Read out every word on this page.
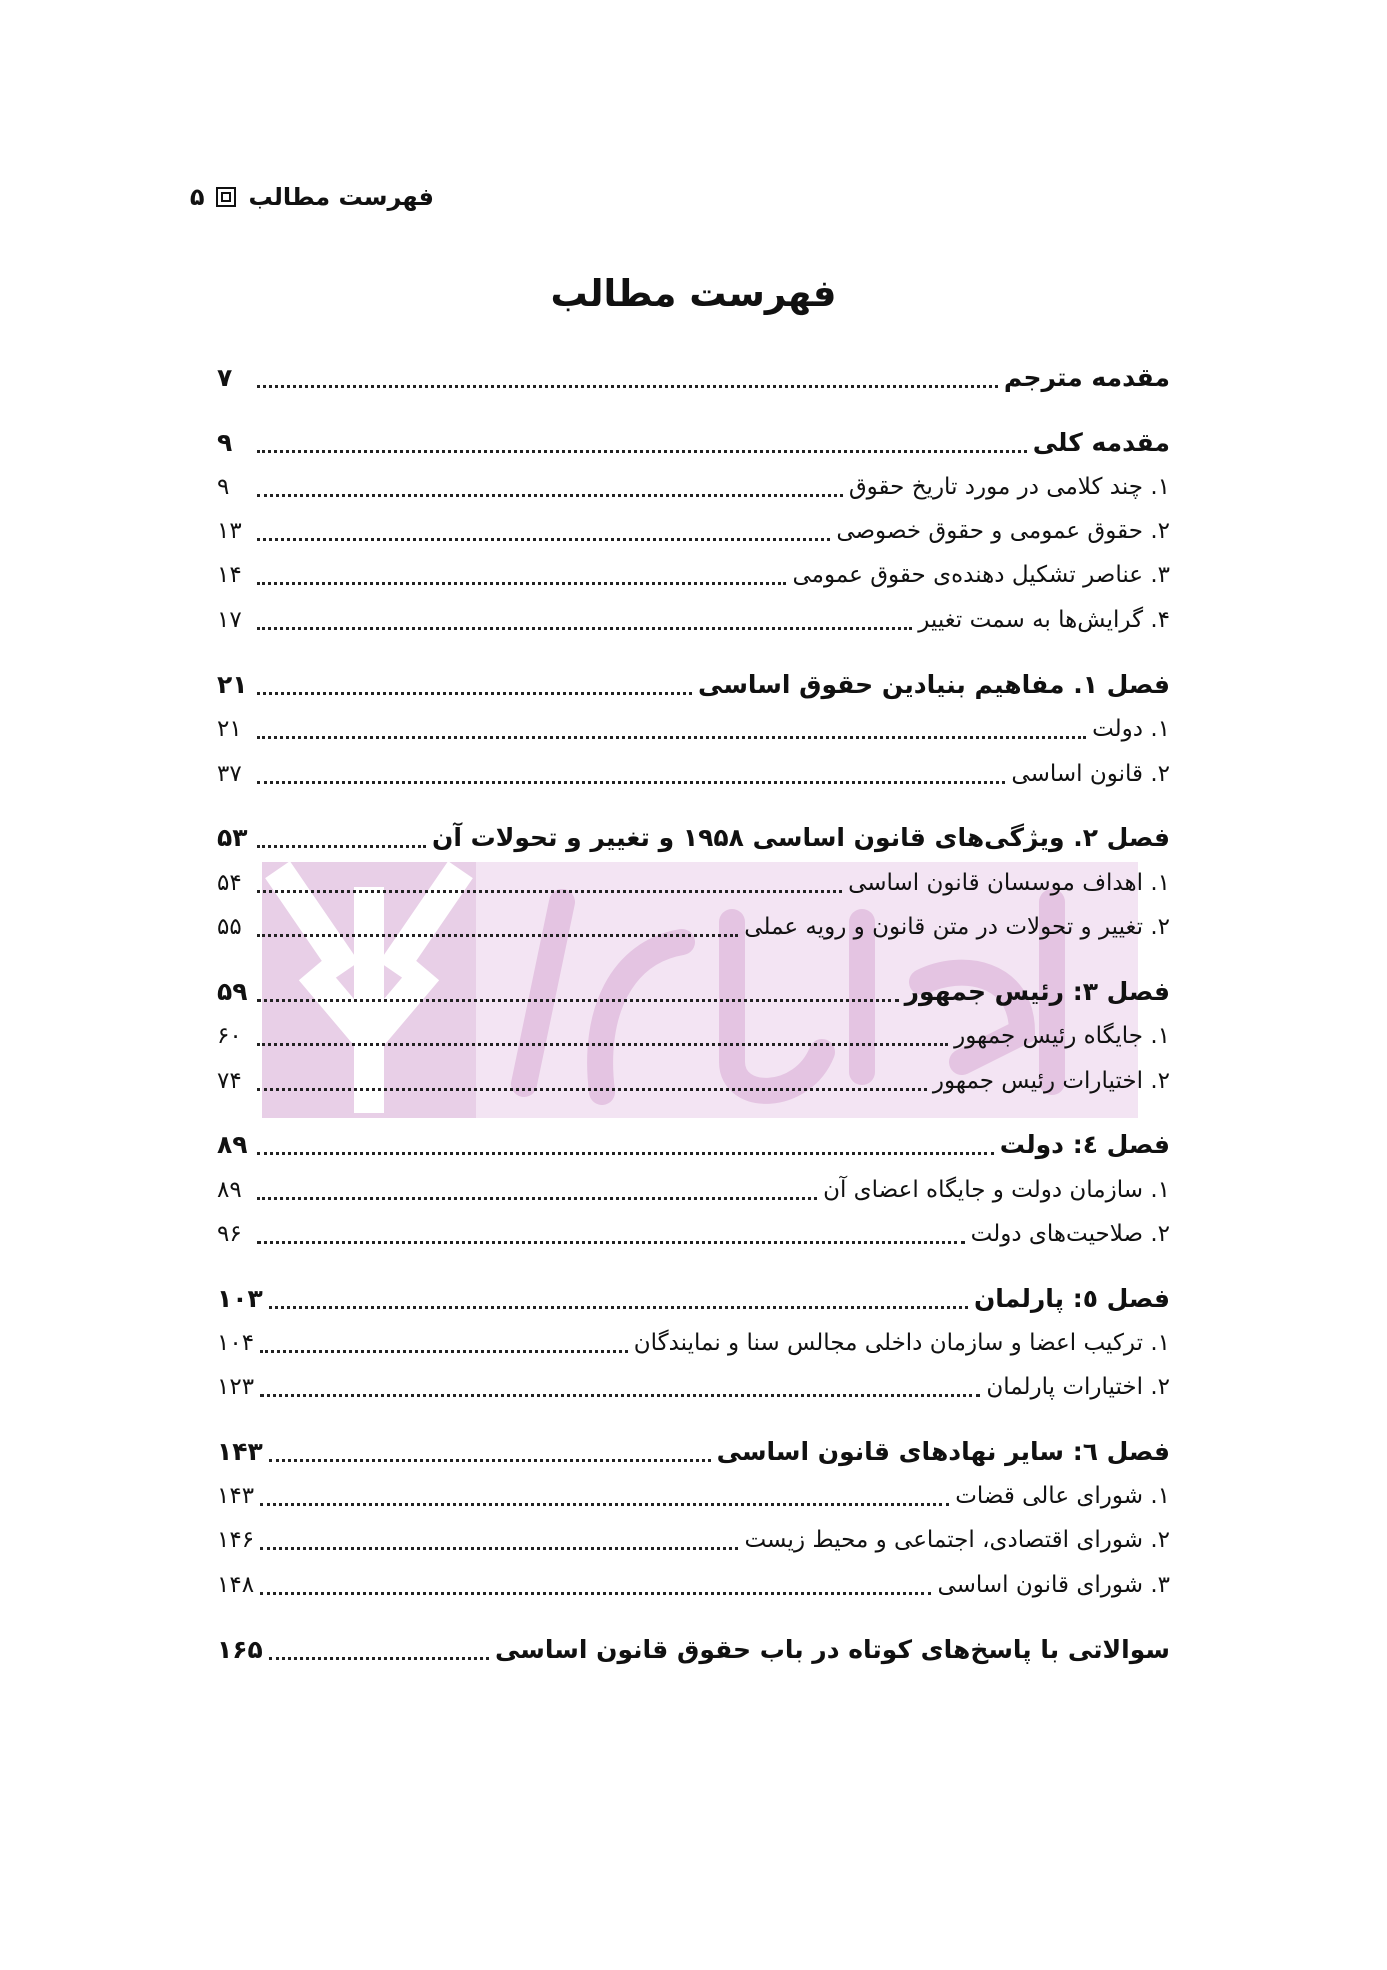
فهرست مطالب
۵
فهرست مطالب
مقدمه مترجم
۷
مقدمه کلی
۹
۱. چند کلامی در مورد تاریخ حقوق
۹
۲. حقوق عمومی و حقوق خصوصی
۱۳
۳. عناصر تشکیل دهنده‌ی حقوق عمومی
۱۴
۴. گرایش‌ها به سمت تغییر
۱۷
فصل ۱. مفاهیم بنیادین حقوق اساسی
۲۱
۱. دولت
۲۱
۲. قانون اساسی
۳۷
فصل ۲. ویژگی‌های قانون اساسی ۱۹۵۸ و تغییر و تحولات آن
۵۳
۱. اهداف موسسان قانون اساسی
۵۴
۲. تغییر و تحولات در متن قانون و رویه عملی
۵۵
فصل ۳: رئیس جمهور
۵۹
۱. جایگاه رئیس جمهور
۶۰
۲. اختیارات رئیس جمهور
۷۴
فصل ٤: دولت
۸۹
۱. سازمان دولت و جایگاه اعضای آن
۸۹
۲. صلاحیت‌های دولت
۹۶
فصل ٥: پارلمان
۱۰۳
۱. ترکیب اعضا و سازمان داخلی مجالس سنا و نمایندگان
۱۰۴
۲. اختیارات پارلمان
۱۲۳
فصل ٦: سایر نهادهای قانون اساسی
۱۴۳
۱. شورای عالی قضات
۱۴۳
۲. شورای اقتصادی، اجتماعی و محیط زیست
۱۴۶
۳. شورای قانون اساسی
۱۴۸
سوالاتی با پاسخ‌های کوتاه در باب حقوق قانون اساسی
۱۶۵
